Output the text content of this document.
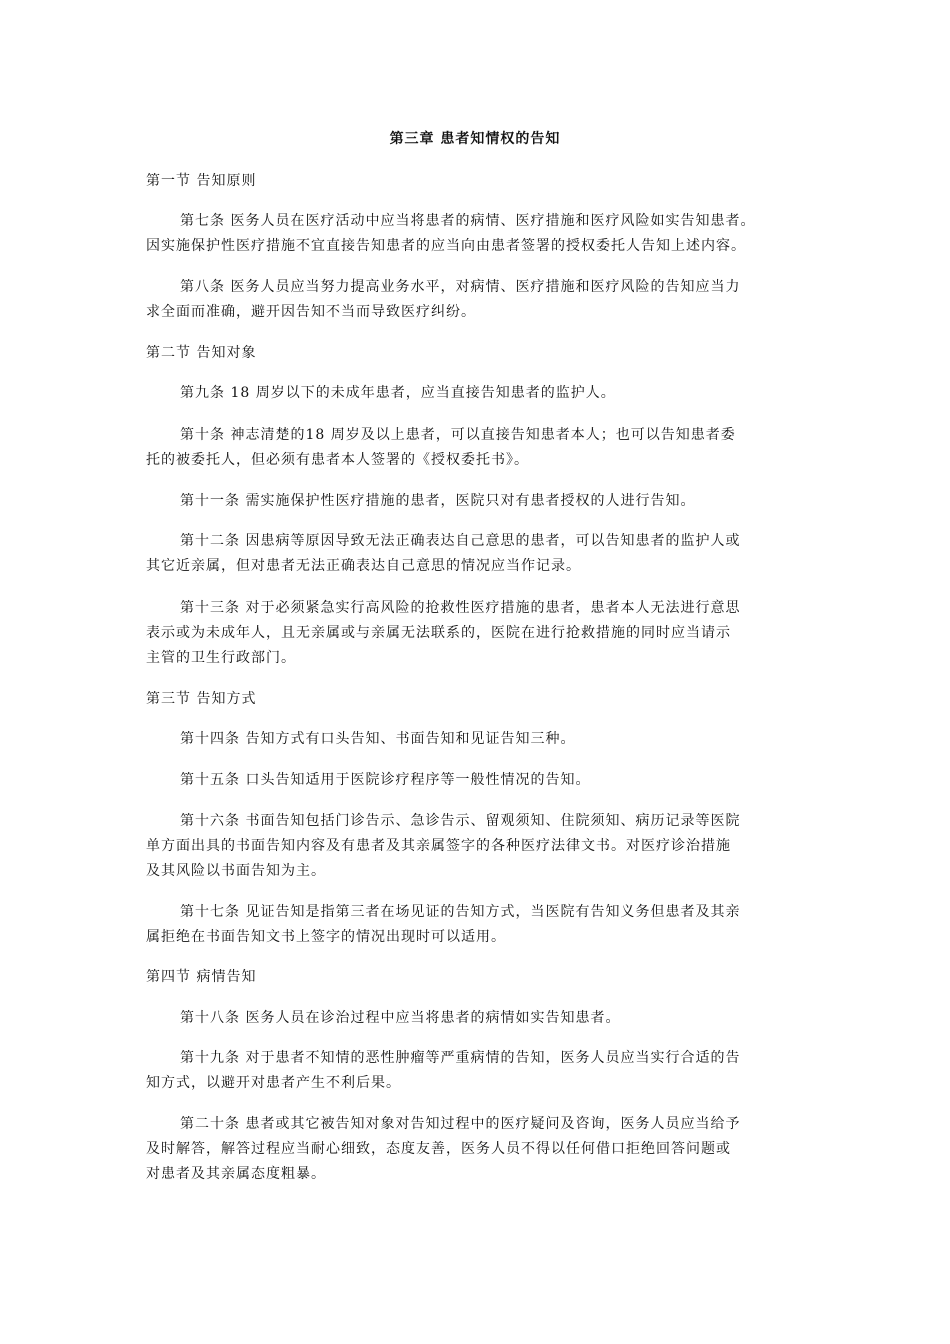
第三章 患者知情权的告知
第一节 告知原则
第七条 医务人员在医疗活动中应当将患者的病情、医疗措施和医疗风险如实告知患者。
因实施保护性医疗措施不宜直接告知患者的应当向由患者签署的授权委托人告知上述内容。
第八条 医务人员应当努力提高业务水平，对病情、医疗措施和医疗风险的告知应当力
求全面而准确，避开因告知不当而导致医疗纠纷。
第二节 告知对象
第九条 18 周岁以下的未成年患者，应当直接告知患者的监护人。
第十条 神志清楚的18 周岁及以上患者，可以直接告知患者本人；也可以告知患者委
托的被委托人，但必须有患者本人签署的《授权委托书》。
第十一条 需实施保护性医疗措施的患者，医院只对有患者授权的人进行告知。
第十二条 因患病等原因导致无法正确表达自己意思的患者，可以告知患者的监护人或
其它近亲属，但对患者无法正确表达自己意思的情况应当作记录。
第十三条 对于必须紧急实行高风险的抢救性医疗措施的患者，患者本人无法进行意思
表示或为未成年人，且无亲属或与亲属无法联系的，医院在进行抢救措施的同时应当请示
主管的卫生行政部门。
第三节 告知方式
第十四条 告知方式有口头告知、书面告知和见证告知三种。
第十五条 口头告知适用于医院诊疗程序等一般性情况的告知。
第十六条 书面告知包括门诊告示、急诊告示、留观须知、住院须知、病历记录等医院
单方面出具的书面告知内容及有患者及其亲属签字的各种医疗法律文书。对医疗诊治措施
及其风险以书面告知为主。
第十七条 见证告知是指第三者在场见证的告知方式，当医院有告知义务但患者及其亲
属拒绝在书面告知文书上签字的情况出现时可以适用。
第四节 病情告知
第十八条 医务人员在诊治过程中应当将患者的病情如实告知患者。
第十九条 对于患者不知情的恶性肿瘤等严重病情的告知，医务人员应当实行合适的告
知方式，以避开对患者产生不利后果。
第二十条 患者或其它被告知对象对告知过程中的医疗疑问及咨询，医务人员应当给予
及时解答，解答过程应当耐心细致，态度友善，医务人员不得以任何借口拒绝回答问题或
对患者及其亲属态度粗暴。
